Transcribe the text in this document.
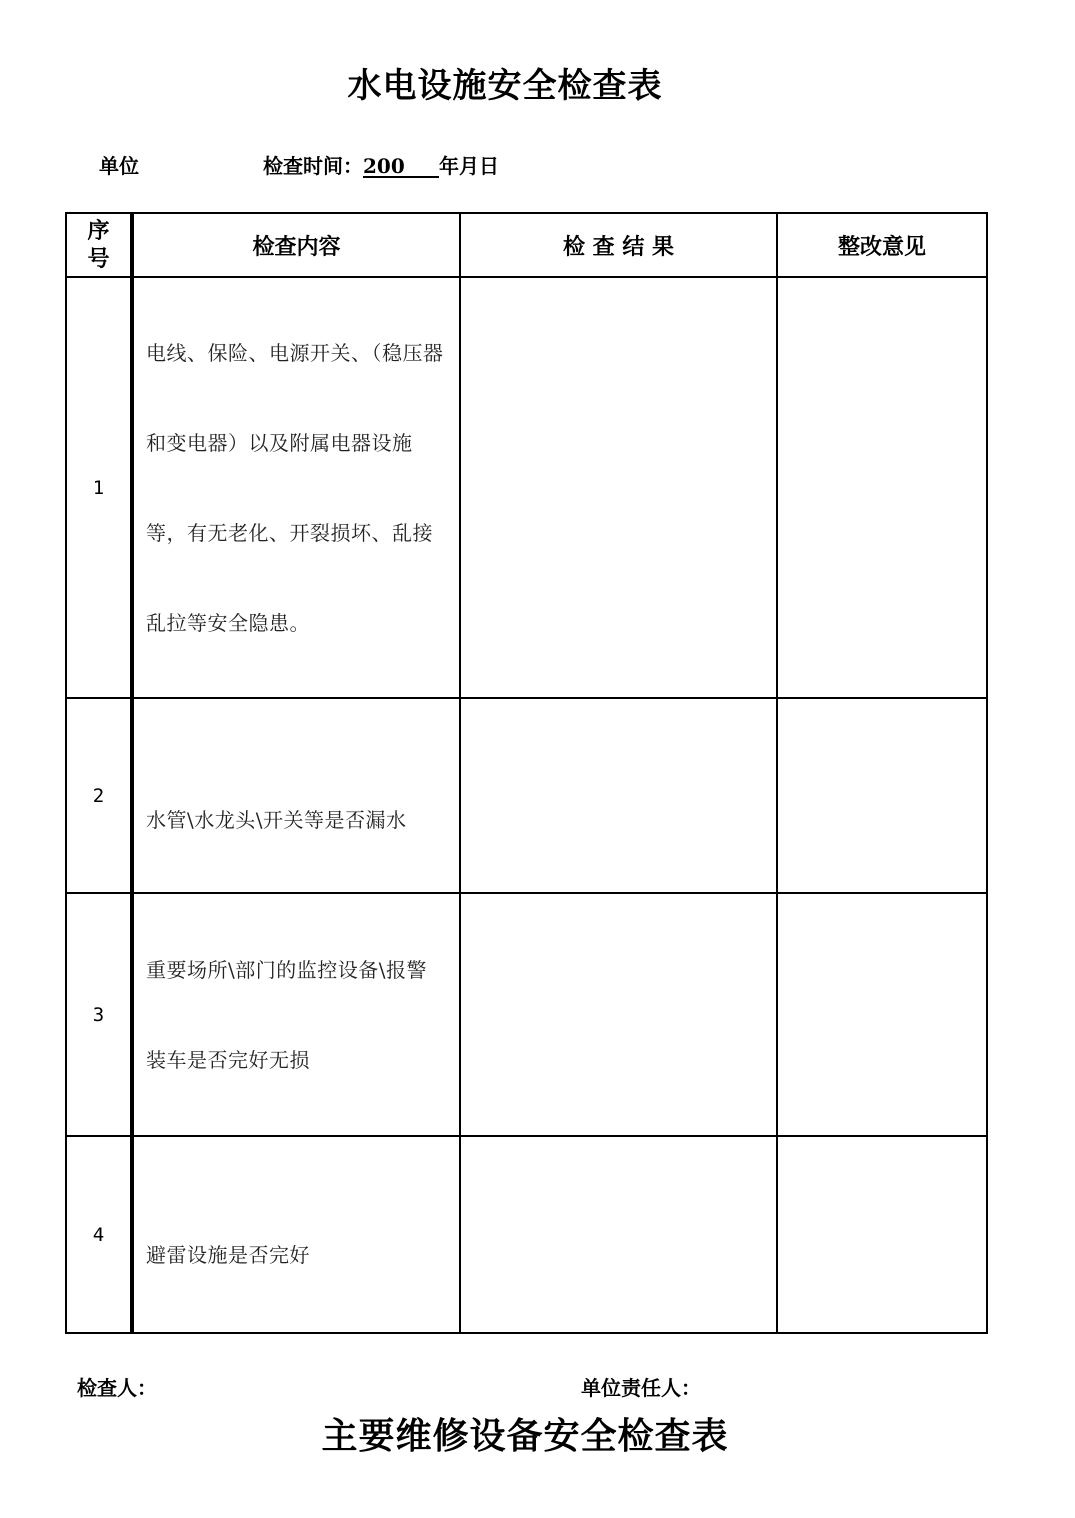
水电设施安全检查表
单位	检查时间：200 年月日
序号	检查内容	检 查 结 果	整改意见
1	电线、保险、电源开关、（稳压器和变电器）以及附属电器设施等，有无老化、开裂损坏、乱接乱拉等安全隐患。		

2	水管\水龙头\开关等是否漏水		

3	重要场所\部门的监控设备\报警装车是否完好无损		

4	避雷设施是否完好		

检查人：	单位责任人：
主要维修设备安全检查表
